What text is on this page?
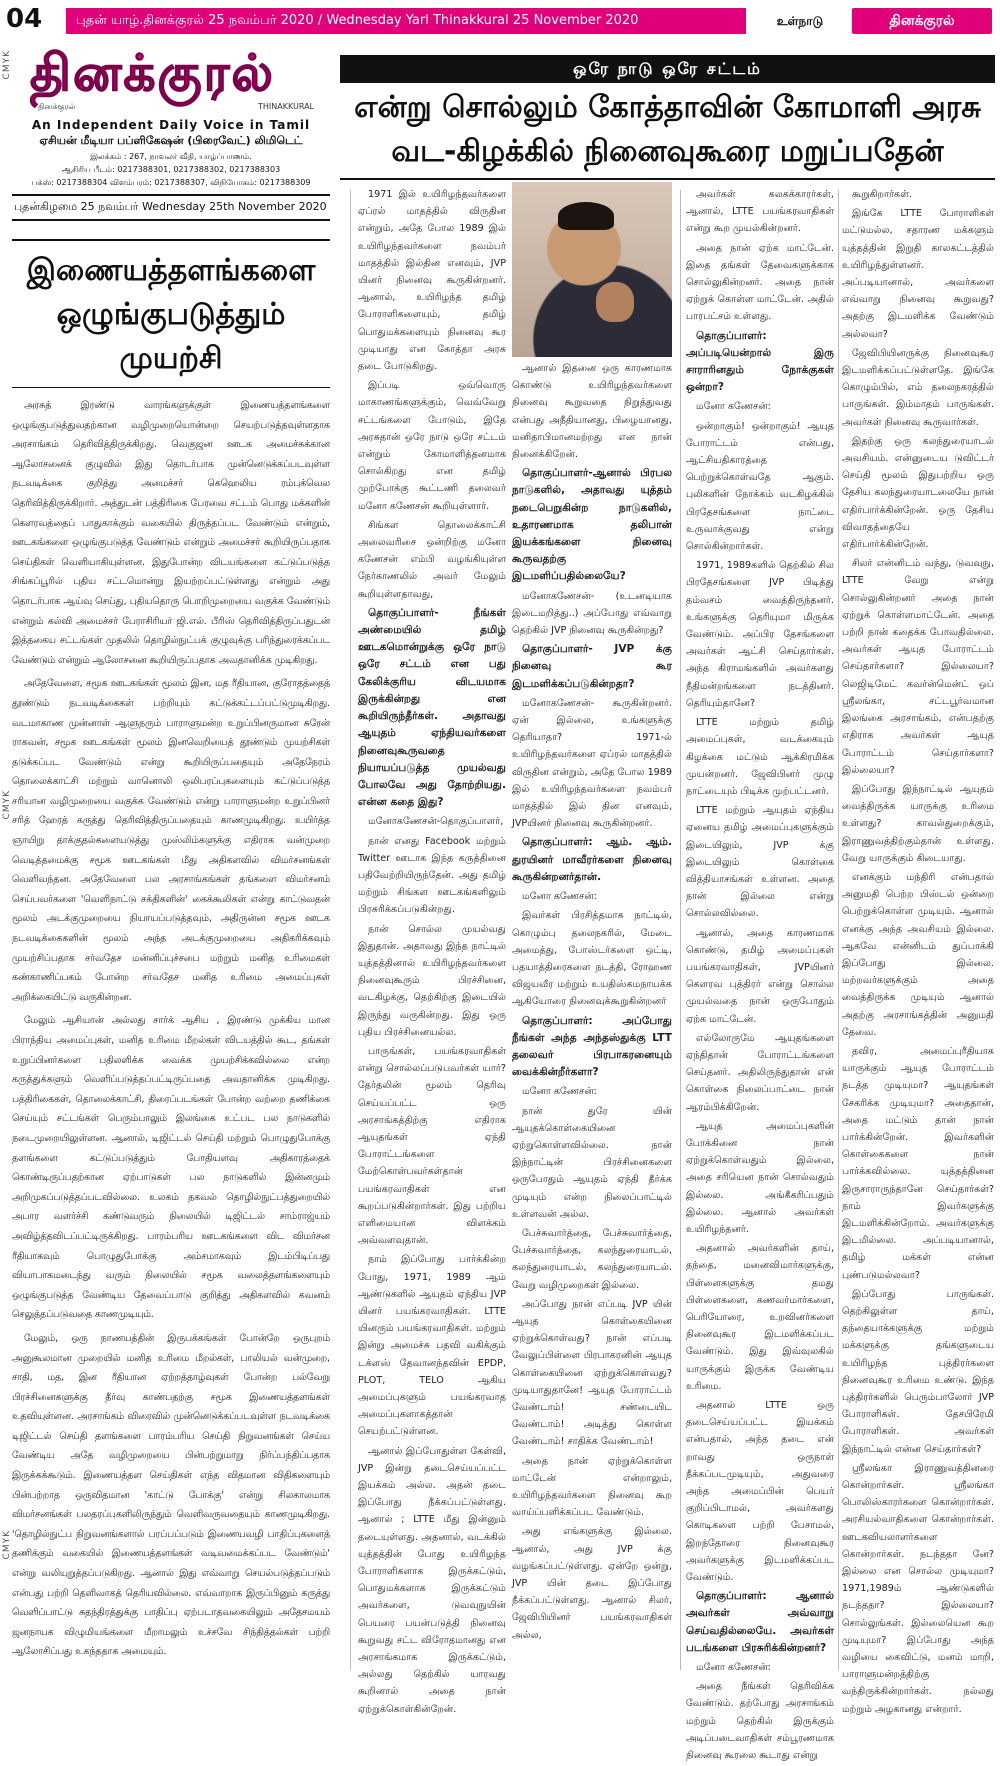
04	புதன் யாழ்.தினக்குரல் 25 நவம்பர் 2020 / Wednesday Yarl Thinakkural 25 November 2020	உள்நாடு	தினக்குரல்
CMYK
CMYK
CMYK
தினக்குரல்
தினக்குரல்	THINAKKURAL
An Independent Daily Voice in Tamil
ஏசியன் மீடியா பப்ளிகேஷன் (பிரைவேட்) லிமிடெட்
இலக்கம் : 267, நாவலர் வீதி, யாழ்ப்பாணம்.
ஆசிரிய பீடம்: 0217388301, 0217388302, 0217388303
பக்ஸ்: 0217388304 விளம்பரம்: 0217388307, விநியோகம்: 0217388309
புதன்கிழமை 25 நவம்பர் Wednesday 25th November 2020
இணையத்தளங்களை
ஒழுங்குபடுத்தும் முயற்சி

அரசுத் இரண்டு வாரங்களுக்குள் இணையத்தளங்களை ஒழுங்குபடுத்துவதற்கான வழிமுறையொன்றை செயற்படுத்தவுள்ளதாக அரசாங்கம் தெரிவித்திருக்கிறது. வெகுஜன ஊடக அமைச்சுக்கான ஆலோசனைக் குழுவில் இது தொடர்பாக முன்னெடுக்கப்படவுள்ள நடவடிக்கை குறித்து அமைச்சர் கெஹெலிய ரம்புக்வெல தெரிவித்திருக்கிறார். அத்துடன் பத்திரிகை பேரவை சட்டம் பொது மக்களின் கௌரவத்தைப் பாதுகாக்கும் வகையில் திருத்தப்பட வேண்டும் என்றும், ஊடகங்களை ஒழுங்குபடுத்த வேண்டும் என்றும் அமைச்சர் கூறியிருப்பதாக செய்திகள் வெளியாகியுள்ளன. இதுபோன்ற விடயங்களை கட்டுப்படுத்த சிங்கப்பூரில் புதிய சட்டமொன்று இயற்றப்பட்டுள்ளது என்றும் அது தொடர்பாக ஆய்வு செய்து, புதியதொரு பொறிமுறையை வகுக்க வேண்டும் என்றும் கல்வி அமைச்சர் பேராசிரியர் ஜி.எல். பீரிஸ் தெரிவித்திருப்பதுடன் இத்தகைய சட்டங்கள் முதலில் தொழில்நுட்பக் குழுவுக்கு பரிந்துரைக்கப்பட வேண்டும் என்றும் ஆலோசனை கூறியிருப்பதாக அவதானிக்க முடிகிறது.

அதேவேளை, சமூக ஊடகங்கள் மூலம் இன, மத ரீதியான, குரோதத்தைத் தூண்டும் நடவடிக்கைகள் பற்றியும் கட்டுக்கட்டப்பட்டுமுடிகிறது. வடமாகாண முன்னாள் ஆளுநரும் பாராளுமன்ற உறுப்பினருமான சுரேன் ராகவன், சமூக ஊடகங்கள் மூலம் இனவெறியைத் தூண்டும் முயற்சிகள் தடுக்கப்பட வேண்டும் என்று கூறியிருப்பதையும் அதேநேரம் தொலைக்காட்சி மற்றும் வானொலி ஒலிபரப்புகளையும் கட்டுப்படுத்த சரியான வழிமுறையை வகுக்க வேண்டும் என்று பாராளுமன்ற உறுப்பினர் சரித் ஹேரத் கருத்து தெரிவித்திருப்பதையும் காணமுடிகிறது. உயிர்த்த ஞாயிறு தாக்குதல்களையடுத்து முஸ்லிம்களுக்கு எதிராக வன்முறை வெடித்தமைக்கு சமூக ஊடகங்கள் மீது அதிகளவில் விமர்சனங்கள் வெளிவந்தன. அதேவேளை பல அரசாங்கங்கள் தங்களை விமர்சனம் செய்பவர்களை 'வெளிநாட்டு சக்திகளின்' கைக்கூலிகள் என்று காட்டுவதன் மூலம் அடக்குமுறையை நியாயப்படுத்தவும், அதிருன்ன சமூக ஊடக நடவடிக்கைகளின் மூலம் அந்த அடக்குமுறையை அதிகரிக்கவும் முயற்சிப்பதாக சர்வதேச மன்னிப்புச்சபை மற்றும் மனித உரிமைகள் கண்காணிப்பகம் போன்ற சர்வதேச மனித உரிமை அமைப்புகள் அறிக்கையிட்டு வருகின்றன.

மேலும் ஆசியான் அல்லது சார்க் ஆசிய , இரண்டு முக்கிய மான பிராந்திய அமைப்புகள், மனித உரிமை மீறல்கள் விடயத்தில் கூட, தங்கள் உறுப்பினர்களை பதிலளிக்க வைக்க முயற்சிக்கவில்லை என்ற கருத்துக்களும் வெளிப்படுத்தப்பட்டிருப்பதை அவதானிக்க முடிகிறது. பத்திரிகைகள், தொலைக்காட்சி, திரைப்படங்கள் போன்ற வற்றை தணிக்கை செய்யும் சட்டங்கள் பெரும்பாலும் இலங்கை உட்பட பல நாடுகளில் நடைமுறையிலுள்ளன. ஆனால், டிஜிட்டல் செய்தி மற்றும் பொழுதுபோக்கு தளங்களை கட்டுப்படுத்தும் போதியளவு அதிகாரத்தைக் கொண்டிருப்பதற்கான ஏற்பாடுகள் பல நாடுகளில் இன்னமும் அறிமுகப்படுத்தப்படவில்லை. உலகம் தகவல் தொழில்நுட்பத்துறையில் அபார வளர்ச்சி கண்டுவரும் நிலையில் டிஜிட்டல் சாம்ராஜ்யம் அவிழ்த்தவிடப்பட்டிருக்கிறது. பாரம்பரிய ஊடகங்களை விட விமர்சன ரீதியாகவும் பொழுதுபோக்கு அம்சமாகவும் இடம்பிடிப்பது வியாபாகமடைந்து வரும் நிலையில் சமூக வலைத்தளங்களையும் ஒழுங்குபடுத்த வேண்டிய தேவைப்பாடு குறித்து அதிகளவில் கவனம் செலுத்தப்படுவதை காணமுடியும்.

மேலும், ஒரு நாணயத்தின் இருபக்கங்கள் போன்றே ஒருபுறம் அனுகூலமான முறையில் மனித உரிமை மீறல்கள், பாலியல் வன்முறை, சாதி, மத, இன ரீதியான ஏற்றத்தாழ்வுகள் போன்ற பல்வேறு பிரச்சினைகளுக்கு தீர்வு காண்பதற்கு சமூக இணையத்தளங்கள் உதவியுள்ளன. அரசாங்கம் விரைவில் முன்னெடுக்கப்படவுள்ள நடவடிக்கை டிஜிட்டல் செய்தி தளங்களை பாரம்பரிய செய்தி நிறுவனங்கள் செய்ய வேண்டிய அதே வழிமுறையை பின்பற்றுமாறு நிர்ப்பந்திப்பதாக இருக்கக்கூடும். இணையத்தள செய்திகள் எந்த விதமான விதிகளையும் பின்பற்றாத ஒருவிதமான 'காட்டு போக்கு' என்று சிலகாலமாக விமர்சனங்கள் பலதரப்புகளிலிருந்தும் வெளிவருவதையும் காணமுடிகிறது. 'தொழில்நுட்ப நிறுவனங்களால் பரப்பப்படும் இணையவழி பாதிப்புகளைத் தணிக்கும் வகையில் இணையத்தளங்கள் வடிவமைக்கப்பட வேண்டும்' என்று வலியுறுத்தப்படுகிறது. ஆனால் இது எவ்வாறு செயல்படுத்தப்படும் என்பது பற்றி தெளிவாகத் தெரியவில்லை. எவ்வாறாக இருப்பினும் கருத்து வெளிப்பாட்டு சுதந்திரத்துக்கு பாதிப்பு ஏற்படாதவகையிலும் அதேசமயம் ஜனநாயக விழுமியங்களை மீறாமலும் உச்சவே சிந்தித்தல்கள் பற்றி ஆலோசிப்பது உகந்ததாக அமையும்.

ஒரே நாடு ஒரே சட்டம்
என்று சொல்லும் கோத்தாவின் கோமாளி அரசு
வட-கிழக்கில் நினைவுகூரை மறுப்பதேன்

1971 இல் உயிரிழந்தவர்களை ஏப்ரல் மாதத்தில் விருதின என்றும், அதே போல 1989 இல் உயிரிழந்தவர்களை நவம்பர் மாதத்தில் இல்தின எனவும், JVP யினர் நினைவு கூருகின்றனர். ஆனால், உயிரிழந்த தமிழ் போராளிகளையும், தமிழ் பொதுமக்களையும் நினைவு கூர முடியாது என கோத்தா அரசு தடை போடுகிறது.

இப்படி ஒவ்வொரு மாகாணங்களுக்கும், வெவ்வேறு சட்டங்களை போடும், இதே அரசுதான் ஒரே நாடு ஒரே சட்டம் என்றும் கோமாளித்தனமாக சொல்கிறது என தமிழ் முற்போக்கு கூட்டணி தலைவர் மனோ கணேசன் கூறியுள்ளார்.

சிங்கள தொலைக்காட்சி அலைவரிசை ஒன்றிற்கு மனோ கணேசன் எம்பி வழங்கியுள்ள நேர்காணலில் அவர் மேலும் கூறியுள்ளதாவது,

தொகுப்பாளர்- நீங்கள் அண்மையில் தமிழ் ஊடகமொன்றுக்கு ஒரே நாடு ஒரே சட்டம் என பது கேலிக்குரிய விடயமாக இருக்கின்றது என கூறியிருந்தீர்கள். அதாவது ஆயுதம் ஏந்தியவர்களை நினைவுகூருவதை நியாயப்படுத்த முயல்வது போலவே அது தோற்றியது. என்ன கதை இது?

மனோகணேசன்-தொகுப்பாளர்,

நான் எனது Facebook மற்றும் Twitter ஊடாக இந்த கருத்தினை பதிவேற்றியிருந்தேன். அது தமிழ் மற்றும் சிங்கள ஊடகங்களிலும் பிரசுரிக்கப்படுகின்றது.

நான் சொல்ல முயல்வது இதுதான். அதாவது இந்த நாட்டில் யுத்தத்தினால் உயிரிழந்தவர்களை நினைவுகூரும் பிரச்சினை, வடகிழக்கு, தெற்கிற்கு இடையில் இருந்து வருகின்றது. இது ஒரு புதிய பிரச்சினையல்ல.

பாருங்கள், பயங்கரவாதிகள் என்று சொல்லப்படுபவர்கள் யார்? தேர்தலின் மூலம் தெரிவு செய்யப்பட்ட ஒரு அரசாங்கத்திற்கு எதிராக ஆயுதங்கள் ஏந்தி போராட்டங்களை மேற்கொள்பவர்கள்தான் பயங்கரவாதிகள் என கூறப்படுகின்றார்கள். இது பற்றிய எளிமையான விளக்கம் அவ்வளவுதான்.

நாம் இப்போது பார்க்கின்ற போது, 1971, 1989 ஆம் ஆண்டுகளில் ஆயுதம் ஏந்திய JVP யினர் பயங்கரவாதிகள். LTTE யினரும் பயங்கரவாதிகள். மற்றும் இன்று அமைச்சு பதவி வகிக்கும் டக்ளஸ் தேவானந்தவின் EPDP, PLOT, TELO ஆகிய அமைப்புகளும் பயங்கரவாத அமைப்புகளாகத்தான் செயற்பட்டுள்ளன.

ஆனால் இப்போதுள்ள கேள்வி, JVP இன்று தடைசெய்யப்பட்ட இயக்கம் அல்ல. அதன் தடை இப்போது நீக்கப்பட்டுள்ளது. ஆனால் ; LTTE மீது இன்னும் தடையுள்ளது. அதனால், வடக்கில் யுத்தத்தின் போது உயிரிழந்த போராளிகளாக இருக்கட்டும், பொதுமக்களாக இருக்கட்டும் அவர்களை, டுவவுநுயின் பெயரை பயன்படுத்தி நினைவு கூறுவது சட்ட விரோதமானது என அரசாங்கமாக இருக்கட்டும், அல்லது தெற்கில் யாரவது கூறினால் அதை நான் ஏற்றுக்கொள்கின்றேன்.

ஆனால் இதனை ஒரு காரணமாக கொண்டு உயிரிழந்தவர்களை நினைவு கூறுவதை நிறுத்துவது என்பது அநீதியானது, பிழையானது, மனிதாபிமானமற்றது என நான் நினைக்கிறேன்.

தொகுப்பாளர்-ஆனால் பிரபல நாடுகளில், அதாவது யுத்தம் நடைபெறுகின்ற நாடுகளில், உதாரணமாக தலிபான் இயக்கங்களை நினைவு கூருவதற்கு இடமளிப்பதில்லையே?

மனோகணேசன்- (உடனடியாக இடைமறித்து..) அப்போது எவ்வாறு தெற்கில் JVP நினைவு கூருகின்றது?

தொகுப்பாளர்- JVP க்கு நினைவு கூர இடமளிக்கப்படுகின்றதா?

மனோகணேசன்- கூருகின்றனர். ஏன் இல்லை, உங்களுக்கு தெரியாதா? 1971-ல் உயிரிழந்தவர்களை ஏப்ரல் மாதத்தில் விருதின என்றும், அதே போல 1989 இல் உயிரிழந்தவர்களை நவம்பர் மாதத்தில் இல் தின எனவும், JVPயினர் நினைவு கூருகின்றனர்.

தொகுப்பாளர்: ஆம். ஆம். துரயினர் மாவீரர்களை நினைவு கூருகின்றனர்தான்.

மனோ கணேசன்:

இவர்கள் பிரசித்தமாக நாட்டில், கொழும்பு தலைநகரில், மேடை அமைத்து, போஸ்டர்களை ஒட்டி, பதயாத்திரைகளை நடத்தி, ரோஹண விஜயவீர மற்றும் உயதிஸ்கமநாயக்க ஆகியோரை நினைவுக்கூறுகின்றனர்

தொகுப்பாளர்: அப்போது நீங்கள் அந்த அந்தஸ்துக்கு LTT தலைவர் பிரபாகரனையும் வைக்கின்றீர்களா?

மனோ கணேசன்:

நான் துரே யின் ஆயுதக்கொள்கையினை ஏற்றுகொள்ளவில்லை. நான் இந்நாட்டின் பிரச்சினைகளை ஒருபோதும் ஆயுதம் ஏந்தி தீர்க்க முடியும் என்ற நிலைப்பாட்டில் உள்ளவன் அல்ல.

பேச்சுவார்த்தை, பேச்சுவார்த்தை, பேச்சுவார்த்தை, கலந்துரையாடல், கலந்துரையாடல், கலந்துரையாடல். வேறு வழிமுறைகள் இல்லை.

அப்போது நான் எப்படி JVP யின் ஆயுத கொள்கையினை ஏற்றுக்கொள்வது? நான் எப்படி வேலுப்பிள்ளை பிரபாகரனின் ஆயுத கொள்கையினை ஏற்றுக்கொள்வது? முடியாதுதானே! ஆயுத போராட்டம் வேண்டாம்! சண்டையிட வேண்டாம்! அடித்து கொள்ள வேண்டாம்! சாதிக்க வேண்டாம்!

அதை நான் ஏற்றுக்கொள்ள மாட்டேன் என்றாலும், உயிரிழந்தவர்களை நினைவு கூற வாய்ப்பளிக்கப்பட வேண்டும்.

அது எங்களுக்கு இல்லை. ஆனால், அது JVP க்கு வழங்கப்பட்டுள்ளது. ஏன்றே ஒன்று, JVP யின் தடை இப்போது நீக்கப்பட்டுள்ளது. ஆனால் சிலர், ஜேவிபியினர் பயங்கரவாதிகள் அல்ல,

அவர்கள் கலகக்காரர்கள், ஆனால், LTTE பயங்கரவாதிகள் என்று கூற முயல்கின்றனர்.

அதை நான் ஏற்க மாட்டேன். இதை தங்கள் தேவைகளுக்காக சொல்லுகின்றனர். அதை நான் ஏற்றுக் கொள்ள மாட்டேன். அதில் பாரபட்சம் உள்ளது.

தொகுப்பாளர்: அப்படியென்றால் இரு சாராரினதும் நோக்குகள் ஒன்றா?

மனோ கணேசன்:

ஒன்றாகும்! ஒன்றாகும்! ஆயுத போராட்டம் என்பது, ஆட்சியதிகாரத்தை பெற்றுக்கொள்வதே ஆகும். புலிகளின் நோக்கம் வடகிழக்கில் பிரதேசங்களை நாட்டை உருவாக்குவது என்று சொல்கின்றார்கள்.

1971, 1989களில் தெற்கில் சில பிரதேசங்களை JVP பிடித்து தம்வசம் வைத்திருந்தனர். உங்களுக்கு தெரியுமா மிருக்க வேண்டும். அப்பிர தேசங்களை அவர்கள் ஆட்சி செய்தார்கள். அந்த கிராமங்களில் அவர்களது நீதிமன்றங்களை நடத்தினர். தெரியும்தானே?

LTTE மற்றும் தமிழ் அமைப்புகள், வடக்கையும் கிழக்கை மட்டும் ஆக்கிரமிக்க முயன்றனர். ஜேவிபினர் முழு நாட்டையும் பிடிக்க முற்பட்டனர்.

LTTE மற்றும் ஆயுதம் ஏந்திய ஏனைய தமிழ் அமைப்புகளுக்கும் இடையிலும், JVP க்கு இடையிலும் கொள்கை வித்தியாசங்கள் உள்ளன. அதை நான் இல்லை என்று சொல்லவில்லை.

ஆனால், அதை காரணமாக கொண்டு, தமிழ் அமைப்புகள் பயங்கரவாதிகள், JVPயினர் கௌரவ புத்திரர் என்று சொல்ல முயல்வதை நான் ஒருபோதும் ஏற்க மாட்டேன்.

எல்லோருமே ஆயுதங்களை ஏந்திதான் போராட்டங்களை செய்தனர். அதிலிருந்துதான் என் கொள்கை நிலைப்பாட்டை நான் ஆரம்பிக்கிறேன்.

ஆயுத அமைப்புகளின் போக்கினை நான் ஏற்றுக்கொள்வதும் இல்லை, அதை சரியென நான் சொல்வதும் இல்லை. அங்கீகரிப்பதும் இல்லை. ஆனால் அவர்கள் உயிரிழந்தனர்.

அதனால் அவர்களின் தாய், தந்தை, மனைவிமார்களுக்கு, பிள்ளைகளுக்கு தமது பிள்ளைகளை, கணவர்மார்களை, பெரியோரை, உறவினர்களை நினைவுகூர இடமளிக்கப்பட வேண்டும். இது இவ்வுலகில் யாருக்கும் இருக்க வேண்டிய உரிமை.

அதனால் LTTE ஒரு தடைசெய்யப்பட்ட இயக்கம் என்பதால், அந்த தடை என் றாவது ஒருநாள் நீக்கப்படமுடியும், அதுவரை அந்த அமைப்பின் பெயர் குறிப்பிடாமல், அவர்களது கொடிகளை பற்றி பேசாமல், இறந்தோரை நினைவுகூர அவர்களுக்கு இடமளிக்கப்பட வேண்டும்.

தொகுப்பாளர்: ஆனால் அவர்கள் அவ்வாறு செய்வதில்லையே. அவர்கள் படங்களை பிரசுரிக்கின்றனர்?

மனோ கணேசன்:

அதை நீங்கள் தெரிவிக்க வேண்டும். தற்போது அரசாங்கம் மற்றும் தெற்கில் இருக்கும் அடிப்படைவாதிகள் சம்பூரணமாக நினைவு கூரலை கூடாது என்று

கூறுகிறார்கள்.

இங்கே LTTE போராளிகள் மட்டுமல்ல, சதாரண மக்களும் யுத்தத்தின் இறுதி காலகட்டத்தில் உயிரிழந்துள்ளனர். அப்படியானால், அவர்களை எவ்வாறு நினைவு கூறுவது? அதற்கு இடமளிக்க வேண்டும் அல்லவா?

ஜேவிபியினருக்கு நினைவுகூர இடமளிக்கப்பட்டுள்ளதே. இங்கே கொழும்பில், எம் தலைநகரத்தில் பாருங்கள். இம்மாதம் பாருங்கள். அவர்கள் நினைவு கூருவார்கள்.

இதற்கு ஒரு கலந்துரையாடல் அவசியம். என்னுடைய டுவிட்டர் செய்தி மூலம் இதுபற்றிய ஒரு தேசிய கலந்துரையாடலையே நான் எதிர்பார்க்கின்றேன். ஒரு தேசிய விவாதத்தையே எதிர்பார்க்கின்றேன்.

சிலர் என்னிடம் வந்து, டுவவுநு, LTTE வேறு என்று சொல்லுகின்றனர் அதை நான் ஏற்றுக் கொள்ளமாட்டேன். அதை பற்றி நான் கதைக்க போவதில்லை. அவர்கள் ஆயுத போராட்டம் செய்தார்களா? இல்லையா? லெஜிடிமேட் கவர்ன்மென்ட் ஒப் ஸ்ரீலங்கா, சட்டபூர்வமான இலங்கை அரசாங்கம், என்பதற்கு எதிராக அவர்கள் ஆயுத போராட்டம் செய்தார்களா? இல்லையா?

இப்போது இந்நாட்டில் ஆயுதம் வைத்திருக்க யாருக்கு உரிமை உள்ளது? காவல்துறைக்கும், இராணுவத்திற்கும்தான் உள்ளது. வேறு யாருக்கும் கிடையாது.

எனக்கும் மந்திரி என்பதால் அனுமதி பெற்ற பிஸ்டல் ஒன்றை பெற்றுக்கொள்ள முடியும். ஆனால் எனக்கு அந்த அவசியம் இல்லை. ஆகவே என்னிடம் துப்பாக்கி இப்போது இல்லை. மற்றவர்களுக்கும் அதை வைத்திருக்க முடியும் ஆனால் அதற்கு அரசாங்கத்தின் அனுமதி தேவை.

தவிர, அமைப்புரீதியாக யாருக்கும் ஆயுத போராட்டம் நடத்த முடியுமா? ஆயுதங்கள் சேகரிக்க முடியுமா? அதைதான், அதை மட்டும் தான் நான் பார்க்கின்றேன். இவர்களின் கொள்கைகளை நான் பார்க்கவில்லை. யுத்தத்தினை இருசாராருந்தானே செய்தார்கள்? நாம் இவர்களுக்கு இடமளிக்கின்றோம். அவர்களுக்கு இடமில்லை. அப்படியானால், தமிழ் மக்கள் என்ன புண்படுமல்லவா?

இப்போது பாருங்கள். தெற்கிலுள்ள தாய், தந்தையாக்களுக்கு மற்றும் மக்களுக்கு தங்களுடைய உயிரிழந்த புத்திரர்களை நினைவுகூர உரிமை உண்டு. இந்த புத்திரர்களில் பெரும்பாலோர் JVP போராளிகள். தேசபிரேமி போராளிகள். அவர்கள் இந்நாட்டில் என்ன செய்தார்கள்?

ஸ்ரீலங்கா இராணுவத்தினரை கொன்றார்கள். ஸ்ரீலங்கா பொலிஸ்காரர்களை கொன்றார்கள். அரசியல்வாதிகளை கொன்றார்கள். ஊடகவியலாளர்களை கொன்றார்கள். நடந்ததா னே? இல்லை என சொல்ல முடியுமா? 1971,1989ம் ஆண்டுகளில் நடந்ததா? இல்லையா? சொல்லுங்கள். இல்லையென கூற முடியுமா? இப்போது அந்த வழியை கைவிட்டு, மனம் மாறி, பாராளுமன்றத்திற்கு வந்திருக்கின்றார்கள். நல்லது மற்றும் அழகானது என்றார்.
